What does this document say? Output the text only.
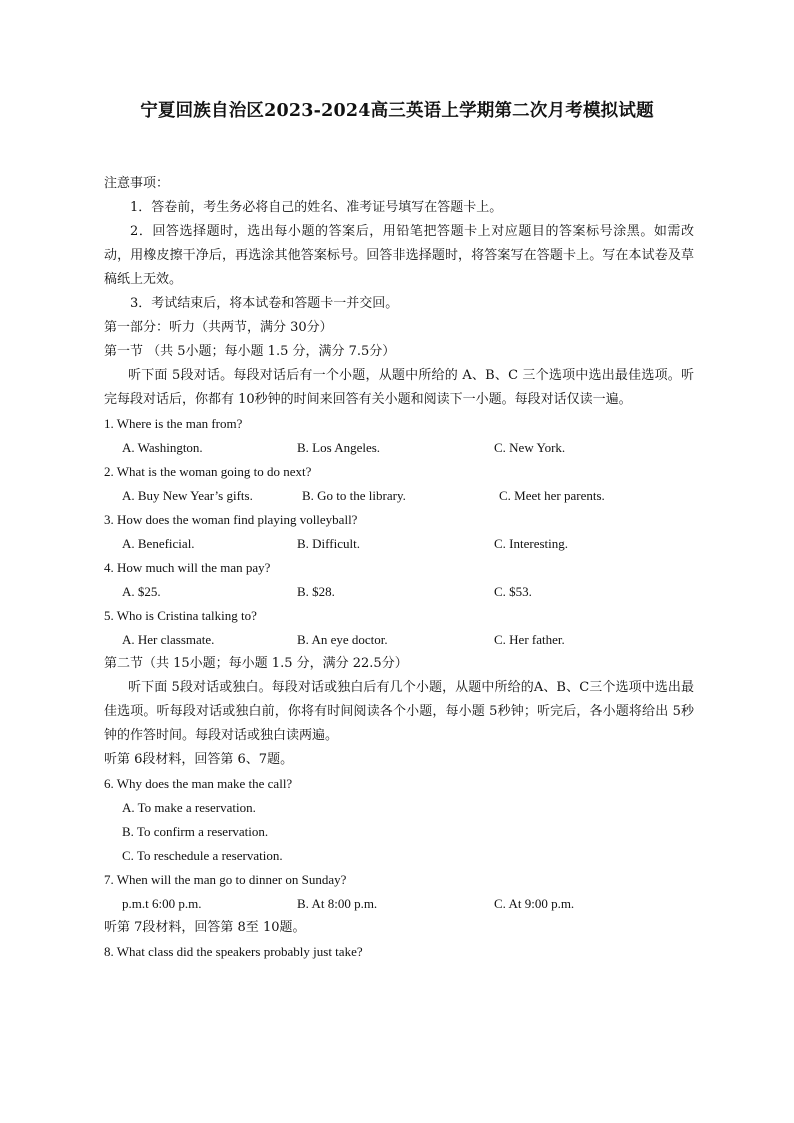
宁夏回族自治区2023-2024高三英语上学期第二次月考模拟试题
注意事项：
1．答卷前，考生务必将自己的姓名、准考证号填写在答题卡上。
2．回答选择题时，选出每小题的答案后，用铅笔把答题卡上对应题目的答案标号涂黑。如需改动，用橡皮擦干净后，再选涂其他答案标号。回答非选择题时，将答案写在答题卡上。写在本试卷及草稿纸上无效。
3．考试结束后，将本试卷和答题卡一并交回。
第一部分：听力（共两节，满分 30分）
第一节 （共 5小题；每小题 1.5 分，满分 7.5分）
听下面 5段对话。每段对话后有一个小题，从题中所给的 A、B、C 三个选项中选出最佳选项。听完每段对话后，你都有 10秒钟的时间来回答有关小题和阅读下一小题。每段对话仅读一遍。
1. Where is the man from?
A. Washington.	B. Los Angeles.	C. New York.
2. What is the woman going to do next?
A. Buy New Year’s gifts.	B. Go to the library.	C. Meet her parents.
3. How does the woman find playing volleyball?
A. Beneficial.	B. Difficult.	C. Interesting.
4. How much will the man pay?
A. $25.	B. $28.	C. $53.
5. Who is Cristina talking to?
A. Her classmate.	B. An eye doctor.	C. Her father.
第二节（共 15小题；每小题 1.5 分，满分 22.5分）
听下面 5段对话或独白。每段对话或独白后有几个小题，从题中所给的A、B、C三个选项中选出最佳选项。听每段对话或独白前，你将有时间阅读各个小题，每小题 5秒钟；听完后，各小题将给出 5秒钟的作答时间。每段对话或独白读两遍。
听第 6段材料，回答第 6、7题。
6. Why does the man make the call?
A. To make a reservation.
B. To confirm a reservation.
C. To reschedule a reservation.
7. When will the man go to dinner on Sunday?
p.m.t 6:00 p.m.	B. At 8:00 p.m.	C. At 9:00 p.m.
听第 7段材料，回答第 8至 10题。
8. What class did the speakers probably just take?
